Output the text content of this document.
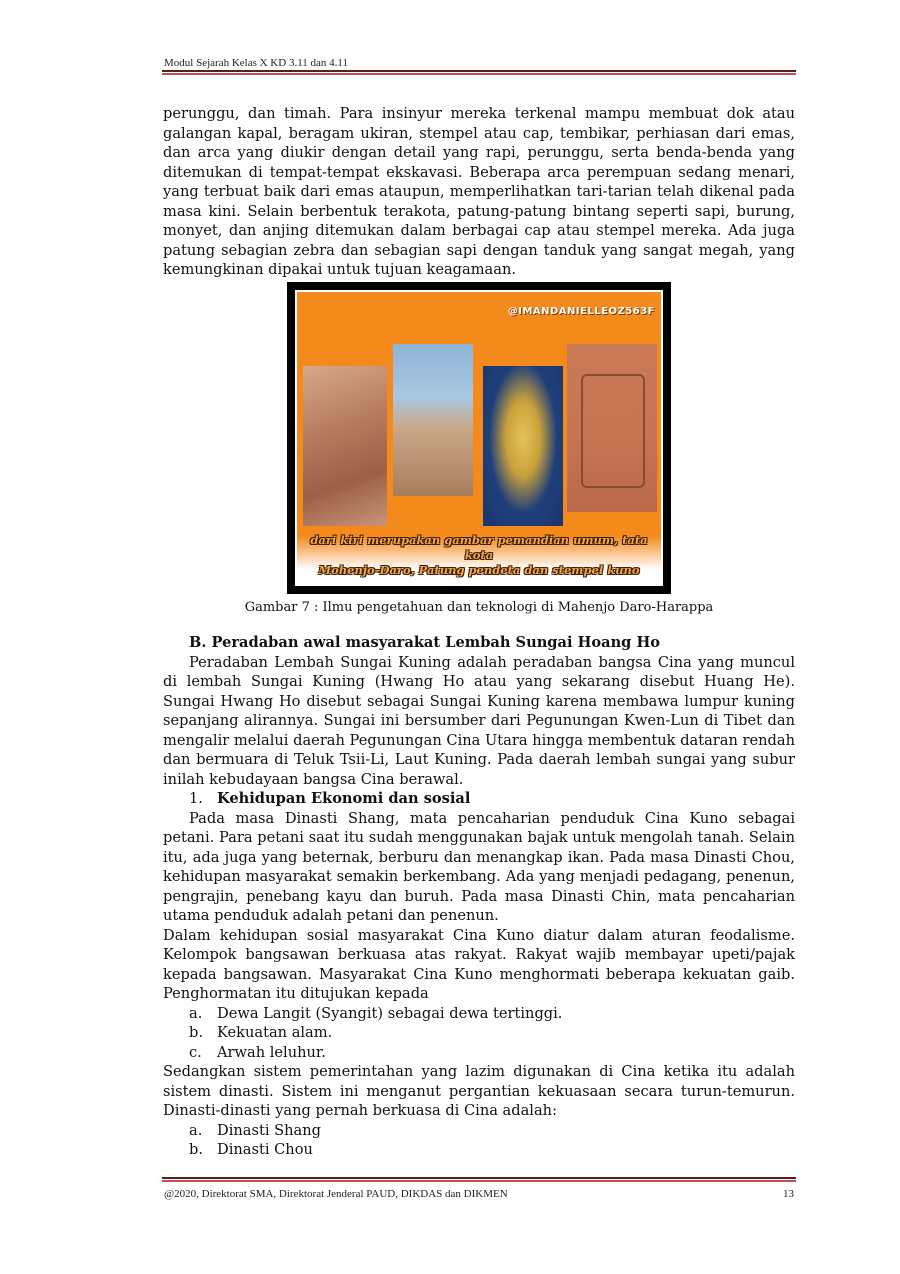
Modul Sejarah Kelas X KD 3.11 dan 4.11

perunggu, dan timah. Para insinyur mereka terkenal mampu membuat dok atau galangan kapal, beragam ukiran, stempel atau cap, tembikar, perhiasan dari emas, dan arca yang diukir dengan detail yang rapi, perunggu, serta benda-benda yang ditemukan di tempat-tempat ekskavasi. Beberapa arca perempuan sedang menari, yang terbuat baik dari emas ataupun, memperlihatkan tari-tarian telah dikenal pada masa kini. Selain berbentuk terakota, patung-patung bintang seperti sapi, burung, monyet, dan anjing ditemukan dalam berbagai cap atau stempel mereka. Ada juga patung sebagian zebra dan sebagian sapi dengan tanduk yang sangat megah, yang kemungkinan dipakai untuk tujuan keagamaan.

@IMANDANIELLEOZ563F
dari kiri merupakan gambar pemandian umum, tata kota
Mohenjo-Daro, Patung pendeta dan stempel kuno
Gambar 7 : Ilmu pengetahuan dan teknologi di Mahenjo Daro-Harappa
B. Peradaban awal masyarakat Lembah Sungai Hoang Ho

Peradaban Lembah Sungai Kuning adalah peradaban bangsa Cina yang muncul di lembah Sungai Kuning (Hwang Ho atau yang sekarang disebut Huang He). Sungai Hwang Ho disebut sebagai Sungai Kuning karena membawa lumpur kuning sepanjang alirannya. Sungai ini bersumber dari Pegunungan Kwen-Lun di Tibet dan mengalir melalui daerah Pegunungan Cina Utara hingga membentuk dataran rendah dan bermuara di Teluk Tsii-Li, Laut Kuning. Pada daerah lembah sungai yang subur inilah kebudayaan bangsa Cina berawal.

1. Kehidupan Ekonomi dan sosial

Pada masa Dinasti Shang, mata pencaharian penduduk Cina Kuno sebagai petani. Para petani saat itu sudah menggunakan bajak untuk mengolah tanah. Selain itu, ada juga yang beternak, berburu dan menangkap ikan. Pada masa Dinasti Chou, kehidupan masyarakat semakin berkembang. Ada yang menjadi pedagang, penenun, pengrajin, penebang kayu dan buruh. Pada masa Dinasti Chin, mata pencaharian utama penduduk adalah petani dan penenun.

Dalam kehidupan sosial masyarakat Cina Kuno diatur dalam aturan feodalisme. Kelompok bangsawan berkuasa atas rakyat. Rakyat wajib membayar upeti/pajak kepada bangsawan. Masyarakat Cina Kuno menghormati beberapa kekuatan gaib. Penghormatan itu ditujukan kepada

a. Dewa Langit (Syangit) sebagai dewa tertinggi.
b. Kekuatan alam.
c. Arwah leluhur.

Sedangkan sistem pemerintahan yang lazim digunakan di Cina ketika itu adalah sistem dinasti. Sistem ini menganut pergantian kekuasaan secara turun-temurun. Dinasti-dinasti yang pernah berkuasa di Cina adalah:

a. Dinasti Shang
b. Dinasti Chou
@2020, Direktorat SMA, Direktorat Jenderal PAUD, DIKDAS dan DIKMEN	13
